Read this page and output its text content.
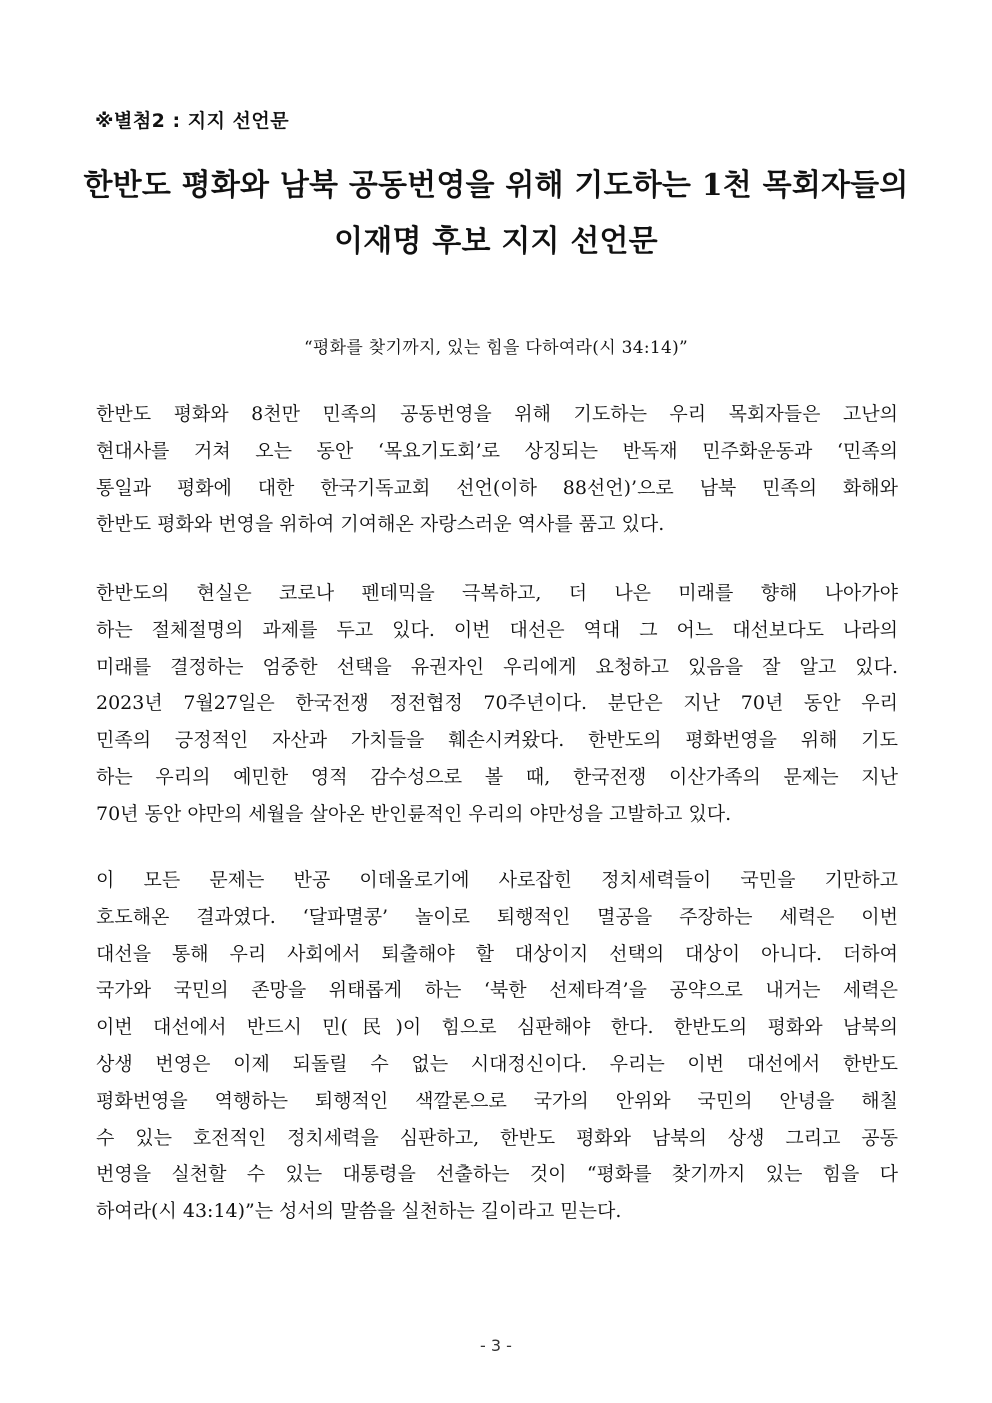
※별첨2 : 지지 선언문
한반도 평화와 남북 공동번영을 위해 기도하는 1천 목회자들의
이재명 후보 지지 선언문
“평화를 찾기까지, 있는 힘을 다하여라(시 34:14)”
한반도 평화와 8천만 민족의 공동번영을 위해 기도하는 우리 목회자들은 고난의
현대사를 거쳐 오는 동안 ‘목요기도회’로 상징되는 반독재 민주화운동과 ‘민족의
통일과 평화에 대한 한국기독교회 선언(이하 88선언)’으로 남북 민족의 화해와
한반도 평화와 번영을 위하여 기여해온 자랑스러운 역사를 품고 있다.
한반도의 현실은 코로나 펜데믹을 극복하고, 더 나은 미래를 향해 나아가야
하는 절체절명의 과제를 두고 있다. 이번 대선은 역대 그 어느 대선보다도 나라의
미래를 결정하는 엄중한 선택을 유권자인 우리에게 요청하고 있음을 잘 알고 있다.
2023년 7월27일은 한국전쟁 정전협정 70주년이다. 분단은 지난 70년 동안 우리
민족의 긍정적인 자산과 가치들을 훼손시켜왔다. 한반도의 평화번영을 위해 기도
하는 우리의 예민한 영적 감수성으로 볼 때, 한국전쟁 이산가족의 문제는 지난
70년 동안 야만의 세월을 살아온 반인륜적인 우리의 야만성을 고발하고 있다.
이 모든 문제는 반공 이데올로기에 사로잡힌 정치세력들이 국민을 기만하고
호도해온 결과였다. ‘달파멸콩’ 놀이로 퇴행적인 멸공을 주장하는 세력은 이번
대선을 통해 우리 사회에서 퇴출해야 할 대상이지 선택의 대상이 아니다. 더하여
국가와 국민의 존망을 위태롭게 하는 ‘북한 선제타격’을 공약으로 내거는 세력은
이번 대선에서 반드시 민(民)이 힘으로 심판해야 한다. 한반도의 평화와 남북의
상생 번영은 이제 되돌릴 수 없는 시대정신이다. 우리는 이번 대선에서 한반도
평화번영을 역행하는 퇴행적인 색깔론으로 국가의 안위와 국민의 안녕을 해칠
수 있는 호전적인 정치세력을 심판하고, 한반도 평화와 남북의 상생 그리고 공동
번영을 실천할 수 있는 대통령을 선출하는 것이 “평화를 찾기까지 있는 힘을 다
하여라(시 43:14)”는 성서의 말씀을 실천하는 길이라고 믿는다.
- 3 -
